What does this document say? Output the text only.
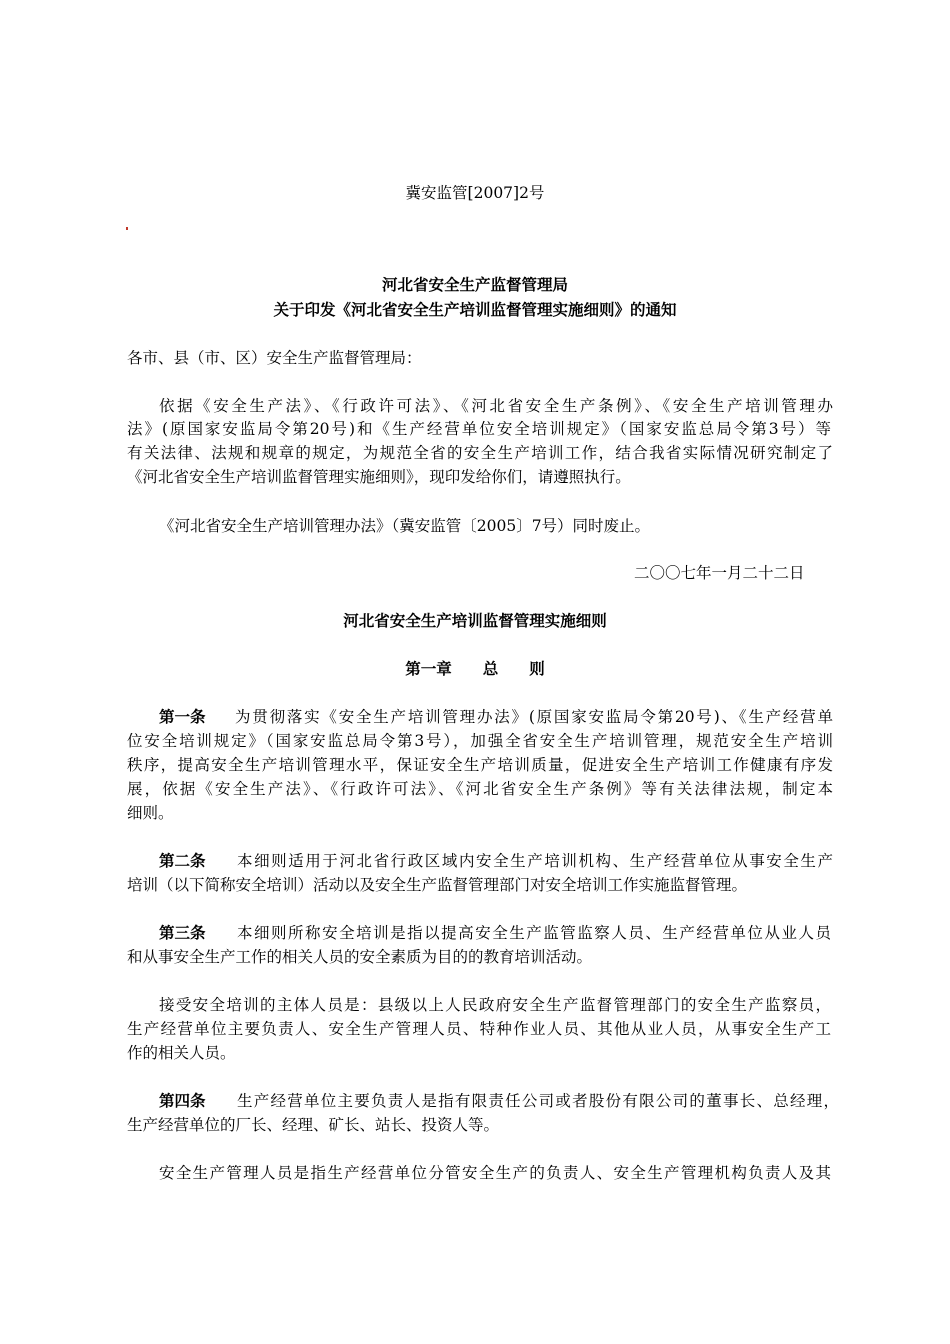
冀安监管[2007]2号
河北省安全生产监督管理局
关于印发《河北省安全生产培训监督管理实施细则》的通知
各市、县（市、区）安全生产监督管理局：
依据《安全生产法》、《行政许可法》、《河北省安全生产条例》、《安全生产培训管理办
法》(原国家安监局令第20号)和《生产经营单位安全培训规定》（国家安监总局令第3号）等
有关法律、法规和规章的规定，为规范全省的安全生产培训工作，结合我省实际情况研究制定了
《河北省安全生产培训监督管理实施细则》，现印发给你们，请遵照执行。
《河北省安全生产培训管理办法》（冀安监管〔2005〕7号）同时废止。
二〇〇七年一月二十二日
河北省安全生产培训监督管理实施细则
第一章　　总　　则
第一条 为贯彻落实《安全生产培训管理办法》(原国家安监局令第20号)、《生产经营单
位安全培训规定》（国家安监总局令第3号），加强全省安全生产培训管理，规范安全生产培训
秩序，提高安全生产培训管理水平，保证安全生产培训质量，促进安全生产培训工作健康有序发
展，依据《安全生产法》、《行政许可法》、《河北省安全生产条例》等有关法律法规，制定本
细则。
第二条 本细则适用于河北省行政区域内安全生产培训机构、生产经营单位从事安全生产
培训（以下简称安全培训）活动以及安全生产监督管理部门对安全培训工作实施监督管理。
第三条 本细则所称安全培训是指以提高安全生产监管监察人员、生产经营单位从业人员
和从事安全生产工作的相关人员的安全素质为目的的教育培训活动。
接受安全培训的主体人员是：县级以上人民政府安全生产监督管理部门的安全生产监察员，
生产经营单位主要负责人、安全生产管理人员、特种作业人员、其他从业人员，从事安全生产工
作的相关人员。
第四条 生产经营单位主要负责人是指有限责任公司或者股份有限公司的董事长、总经理，
生产经营单位的厂长、经理、矿长、站长、投资人等。
安全生产管理人员是指生产经营单位分管安全生产的负责人、安全生产管理机构负责人及其
